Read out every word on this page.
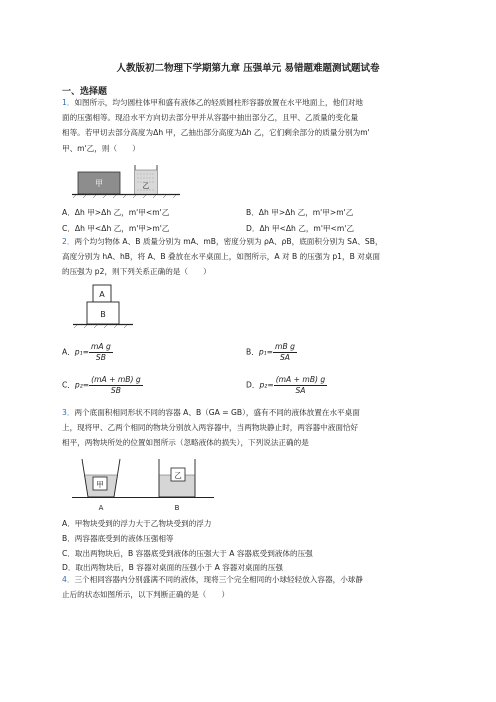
人教版初二物理下学期第九章 压强单元 易错题难题测试题试卷
一、选择题
1．如图所示，均匀圆柱体甲和盛有液体乙的轻质圆柱形容器放置在水平地面上，他们对地
面的压强相等。现沿水平方向切去部分甲并从容器中抽出部分乙，且甲、乙质量的变化量
相等。若甲切去部分高度为Δh 甲，乙抽出部分高度为Δh 乙，它们剩余部分的质量分别为m'
甲、m'乙，则（　　）
甲	乙
A．Δh 甲>Δh 乙，m'甲<m'乙	B．Δh 甲>Δh 乙，m'甲>m'乙
C．Δh 甲<Δh 乙，m'甲>m'乙	D．Δh 甲<Δh 乙，m'甲<m'乙
2．两个均匀物体 A、B 质量分别为 mA、mB，密度分别为 ρA、ρB，底面积分别为 SA、SB，
高度分别为 hA、hB，将 A、B 叠放在水平桌面上，如图所示，A 对 B 的压强为 p1，B 对桌面
的压强为 p2，则下列关系正确的是（　　）
A
B
A．$p_1= \frac{\text{mA g}}{SB}$	B．$p_1= \frac{\text{mB g}}{SA}$
C．$p_2= \frac{(mA + mB) g}{SB}$	D．$p_2= \frac{(mA + mB) g}{SA}$
3．两个底面积相同形状不同的容器 A、B（GA = GB），盛有不同的液体放置在水平桌面
上，现将甲、乙两个相同的物块分别放入两容器中，当两物块静止时，两容器中液面恰好
相平，两物块所处的位置如图所示（忽略液体的损失），下列说法正确的是
甲
乙
A	B
A．甲物块受到的浮力大于乙物块受到的浮力
B．两容器底受到的液体压强相等
C．取出两物块后，B 容器底受到液体的压强大于 A 容器底受到液体的压强
D．取出两物块后，B 容器对桌面的压强小于 A 容器对桌面的压强
4．三个相同容器内分别盛满不同的液体，现将三个完全相同的小球轻轻放入容器，小球静
止后的状态如图所示，以下判断正确的是（　　）
